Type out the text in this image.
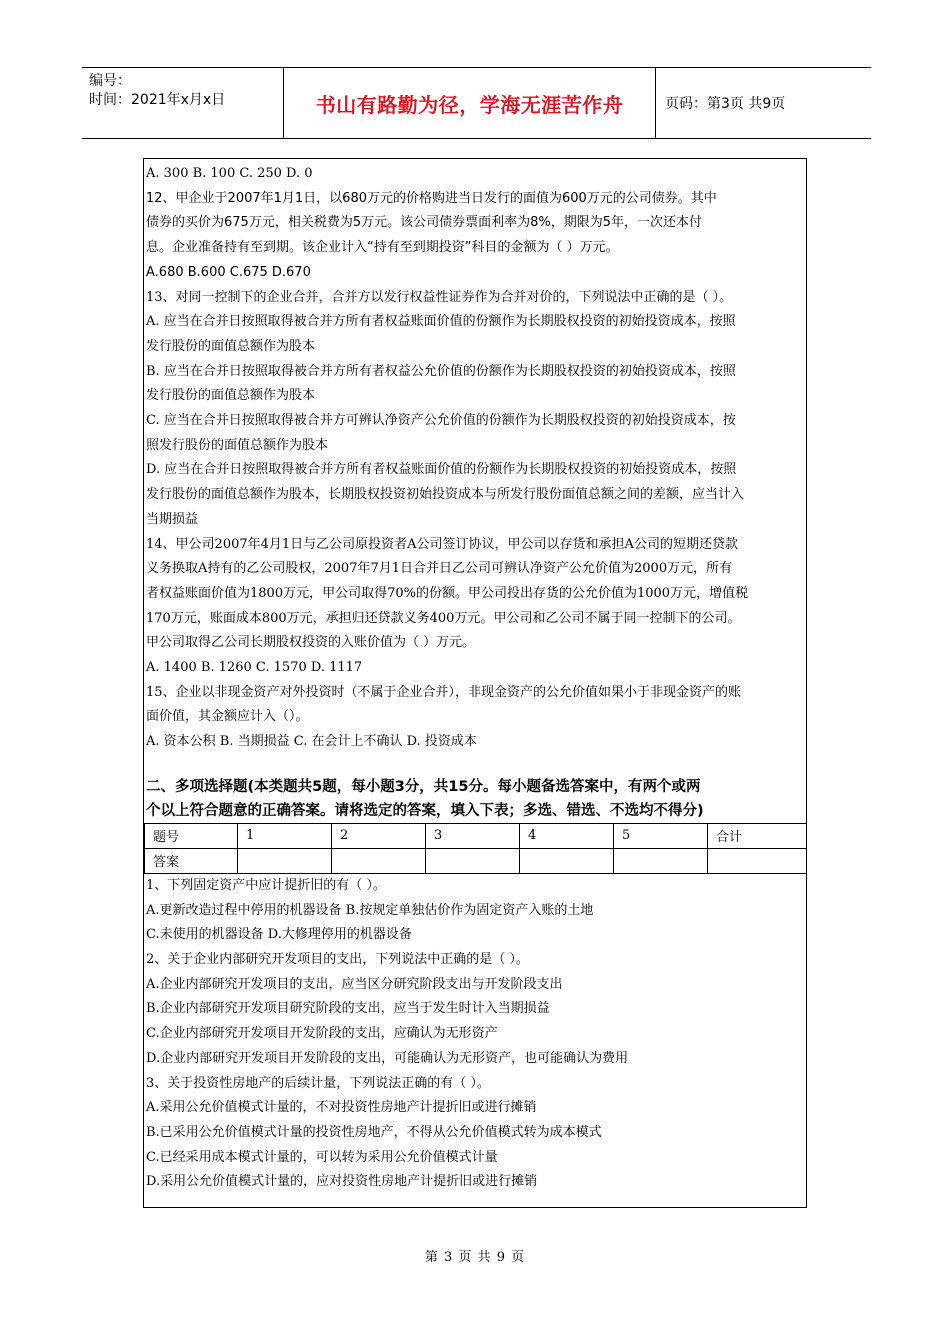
编号：
时间：2021年x月x日	书山有路勤为径，学海无涯苦作舟	页码：第3页 共9页
A. 300 B. 100 C. 250 D. 0
12、甲企业于2007年1月1日，以680万元的价格购进当日发行的面值为600万元的公司债券。其中
债券的买价为675万元，相关税费为5万元。该公司债券票面利率为8%，期限为5年，一次还本付
息。企业准备持有至到期。该企业计入“持有至到期投资”科目的金额为（ ）万元。
A.680 B.600 C.675 D.670
13、对同一控制下的企业合并，合并方以发行权益性证券作为合并对价的，下列说法中正确的是（ ）。
A. 应当在合并日按照取得被合并方所有者权益账面价值的份额作为长期股权投资的初始投资成本，按照
发行股份的面值总额作为股本
B. 应当在合并日按照取得被合并方所有者权益公允价值的份额作为长期股权投资的初始投资成本，按照
发行股份的面值总额作为股本
C. 应当在合并日按照取得被合并方可辨认净资产公允价值的份额作为长期股权投资的初始投资成本，按
照发行股份的面值总额作为股本
D. 应当在合并日按照取得被合并方所有者权益账面价值的份额作为长期股权投资的初始投资成本，按照
发行股份的面值总额作为股本，长期股权投资初始投资成本与所发行股份面值总额之间的差额，应当计入
当期损益
14、甲公司2007年4月1日与乙公司原投资者A公司签订协议，甲公司以存货和承担A公司的短期还贷款
义务换取A持有的乙公司股权，2007年7月1日合并日乙公司可辨认净资产公允价值为2000万元，所有
者权益账面价值为1800万元，甲公司取得70%的份额。甲公司投出存货的公允价值为1000万元，增值税
170万元，账面成本800万元，承担归还贷款义务400万元。甲公司和乙公司不属于同一控制下的公司。
甲公司取得乙公司长期股权投资的入账价值为（ ）万元。
A. 1400 B. 1260 C. 1570 D. 1117
15、企业以非现金资产对外投资时（不属于企业合并），非现金资产的公允价值如果小于非现金资产的账
面价值，其金额应计入（）。
A. 资本公积 B. 当期损益 C. 在会计上不确认 D. 投资成本
二、多项选择题(本类题共5题，每小题3分，共15分。每小题备选答案中，有两个或两
个以上符合题意的正确答案。请将选定的答案，填入下表；多选、错选、不选均不得分)
题号	1	2	3	4	5	合计
答案						
1、下列固定资产中应计提折旧的有（ ）。
A.更新改造过程中停用的机器设备 B.按规定单独估价作为固定资产入账的土地
C.未使用的机器设备 D.大修理停用的机器设备
2、关于企业内部研究开发项目的支出，下列说法中正确的是（ ）。
A.企业内部研究开发项目的支出，应当区分研究阶段支出与开发阶段支出
B.企业内部研究开发项目研究阶段的支出，应当于发生时计入当期损益
C.企业内部研究开发项目开发阶段的支出，应确认为无形资产
D.企业内部研究开发项目开发阶段的支出，可能确认为无形资产，也可能确认为费用
3、关于投资性房地产的后续计量，下列说法正确的有（ ）。
A.采用公允价值模式计量的，不对投资性房地产计提折旧或进行摊销
B.已采用公允价值模式计量的投资性房地产，不得从公允价值模式转为成本模式
C.已经采用成本模式计量的，可以转为采用公允价值模式计量
D.采用公允价值模式计量的，应对投资性房地产计提折旧或进行摊销
第 3 页 共 9 页
